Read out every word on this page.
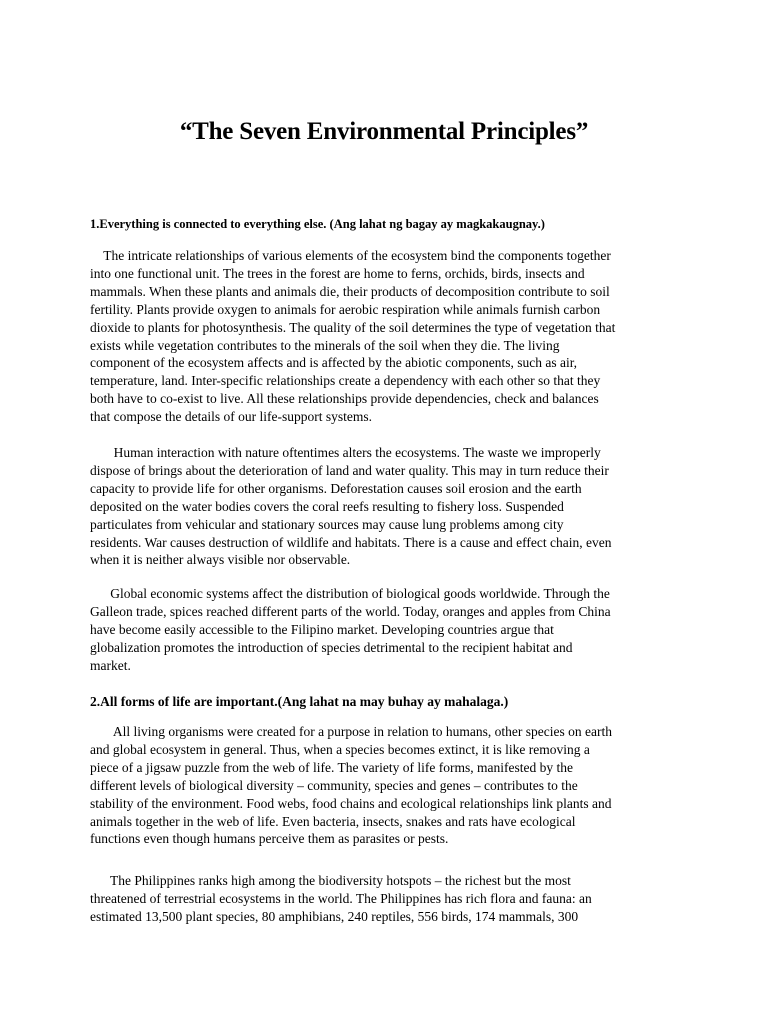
“The Seven Environmental Principles”
1.Everything is connected to everything else. (Ang lahat ng bagay ay magkakaugnay.)
The intricate relationships of various elements of the ecosystem bind the components together
into one functional unit. The trees in the forest are home to ferns, orchids, birds, insects and
mammals. When these plants and animals die, their products of decomposition contribute to soil
fertility. Plants provide oxygen to animals for aerobic respiration while animals furnish carbon
dioxide to plants for photosynthesis. The quality of the soil determines the type of vegetation that
exists while vegetation contributes to the minerals of the soil when they die. The living
component of the ecosystem affects and is affected by the abiotic components, such as air,
temperature, land. Inter-specific relationships create a dependency with each other so that they
both have to co-exist to live. All these relationships provide dependencies, check and balances
that compose the details of our life-support systems.
Human interaction with nature oftentimes alters the ecosystems. The waste we improperly
dispose of brings about the deterioration of land and water quality. This may in turn reduce their
capacity to provide life for other organisms. Deforestation causes soil erosion and the earth
deposited on the water bodies covers the coral reefs resulting to fishery loss. Suspended
particulates from vehicular and stationary sources may cause lung problems among city
residents. War causes destruction of wildlife and habitats. There is a cause and effect chain, even
when it is neither always visible nor observable.
Global economic systems affect the distribution of biological goods worldwide. Through the
Galleon trade, spices reached different parts of the world. Today, oranges and apples from China
have become easily accessible to the Filipino market. Developing countries argue that
globalization promotes the introduction of species detrimental to the recipient habitat and
market.
2.All forms of life are important.(Ang lahat na may buhay ay mahalaga.)
All living organisms were created for a purpose in relation to humans, other species on earth
and global ecosystem in general. Thus, when a species becomes extinct, it is like removing a
piece of a jigsaw puzzle from the web of life. The variety of life forms, manifested by the
different levels of biological diversity – community, species and genes – contributes to the
stability of the environment. Food webs, food chains and ecological relationships link plants and
animals together in the web of life. Even bacteria, insects, snakes and rats have ecological
functions even though humans perceive them as parasites or pests.
The Philippines ranks high among the biodiversity hotspots – the richest but the most
threatened of terrestrial ecosystems in the world. The Philippines has rich flora and fauna: an
estimated 13,500 plant species, 80 amphibians, 240 reptiles, 556 birds, 174 mammals, 300
